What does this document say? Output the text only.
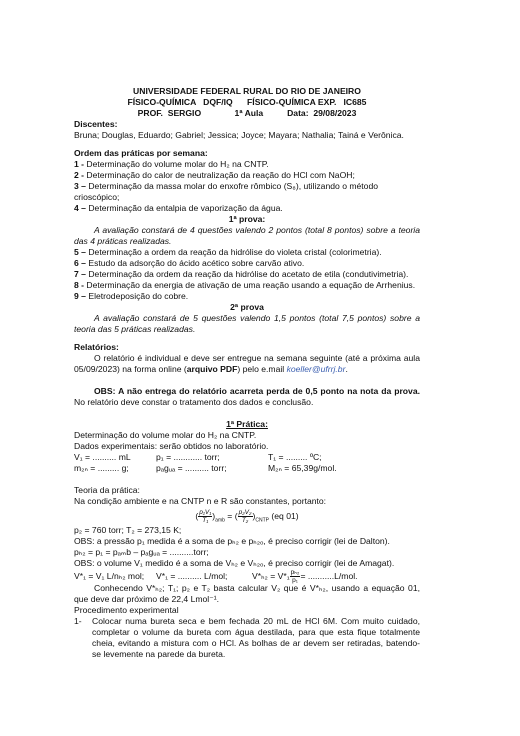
UNIVERSIDADE FEDERAL RURAL DO RIO DE JANEIRO
FÍSICO-QUÍMICA   DQF/IQ      FÍSICO-QUÍMICA EXP.   IC685
PROF.  SERGIO              1ª Aula          Data:  29/08/2023
Discentes:
Bruna; Douglas, Eduardo; Gabriel; Jessica; Joyce; Mayara; Nathalia; Tainá e Verônica.
Ordem das práticas por semana:
1 - Determinação do volume molar do H₂ na CNTP.
2 - Determinação do calor de neutralização da reação do HCl com NaOH;
3 – Determinação da massa molar do enxofre rômbico (S₈), utilizando o método crioscópico;
4 – Determinação da entalpia de vaporização da água.
1ª prova:
A avaliação constará de 4 questões valendo 2 pontos (total 8 pontos) sobre a teoria das 4 práticas realizadas.
5 – Determinação a ordem da reação da hidrólise do violeta cristal (colorimetria).
6 – Estudo da adsorção do ácido acético sobre carvão ativo.
7 – Determinação da ordem da reação da hidrólise do acetato de etila (condutivimetria).
8 - Determinação da energia de ativação de uma reação usando a equação de Arrhenius.
9 – Eletrodeposição do cobre.
2ª prova
A avaliação constará de 5 questões valendo 1,5 pontos (total 7,5 pontos) sobre a teoria das 5 práticas realizadas.
Relatórios:
O relatório é individual e deve ser entregue na semana seguinte (até a próxima aula 05/09/2023) na forma online (arquivo PDF) pelo e.mail koeller@ufrrj.br.
OBS: A não entrega do relatório acarreta perda de 0,5 ponto na nota da prova. No relatório deve constar o tratamento dos dados e conclusão.
1ª Prática:
Determinação do volume molar do H₂ na CNTP.
Dados experimentais: serão obtidos no laboratório.
V₁ = .......... mL	p₁ = ............ torr;	T₁ = ......... ºC;
m₂ₙ = ......... g;	pₐgᵤₐ = .......... torr;	M₂ₙ = 65,39g/mol.
Teoria da prática:
Na condição ambiente e na CNTP n e R são constantes, portanto:
( $\frac{\text{p₁V₁}}{\text{T₁}} )_{amb}$ = ( $\frac{\text{p₂V₂}}{\text{T₂}} )_{CNTP}$ (eq 01)
p₂ = 760 torr; T₂ = 273,15 K;
OBS: a pressão p₁ medida é a soma de pₕ₂ e pₕ₂ₒ, é preciso corrigir (lei de Dalton).
pₕ₂ = p₁ = pₐₘb – pₐgᵤₐ = ..........torr;
OBS: o volume V₁ medido é a soma de Vₕ₂ e Vₕ₂ₒ, é preciso corrigir (lei de Amagat).
V*₁ = V₁ L/nₕ₂ mol;	V*₁ = .......... L/mol;	$V*_{h2} = V*_1 \frac{\text{pₕ₂}}{\text{p₁}} = ...........L/mol$.
Conhecendo V*ₕ₂; T₁; p₂ e T₂ basta calcular V₂ que é V*ₕ₂, usando a equação 01, que deve dar próximo de 22,4 Lmol⁻¹.
Procedimento experimental
1-	Colocar numa bureta seca e bem fechada 20 mL de HCl 6M. Com muito cuidado, completar o volume da bureta com água destilada, para que esta fique totalmente cheia, evitando a mistura com o HCl. As bolhas de ar devem ser retiradas, batendo-se levemente na parede da bureta.
